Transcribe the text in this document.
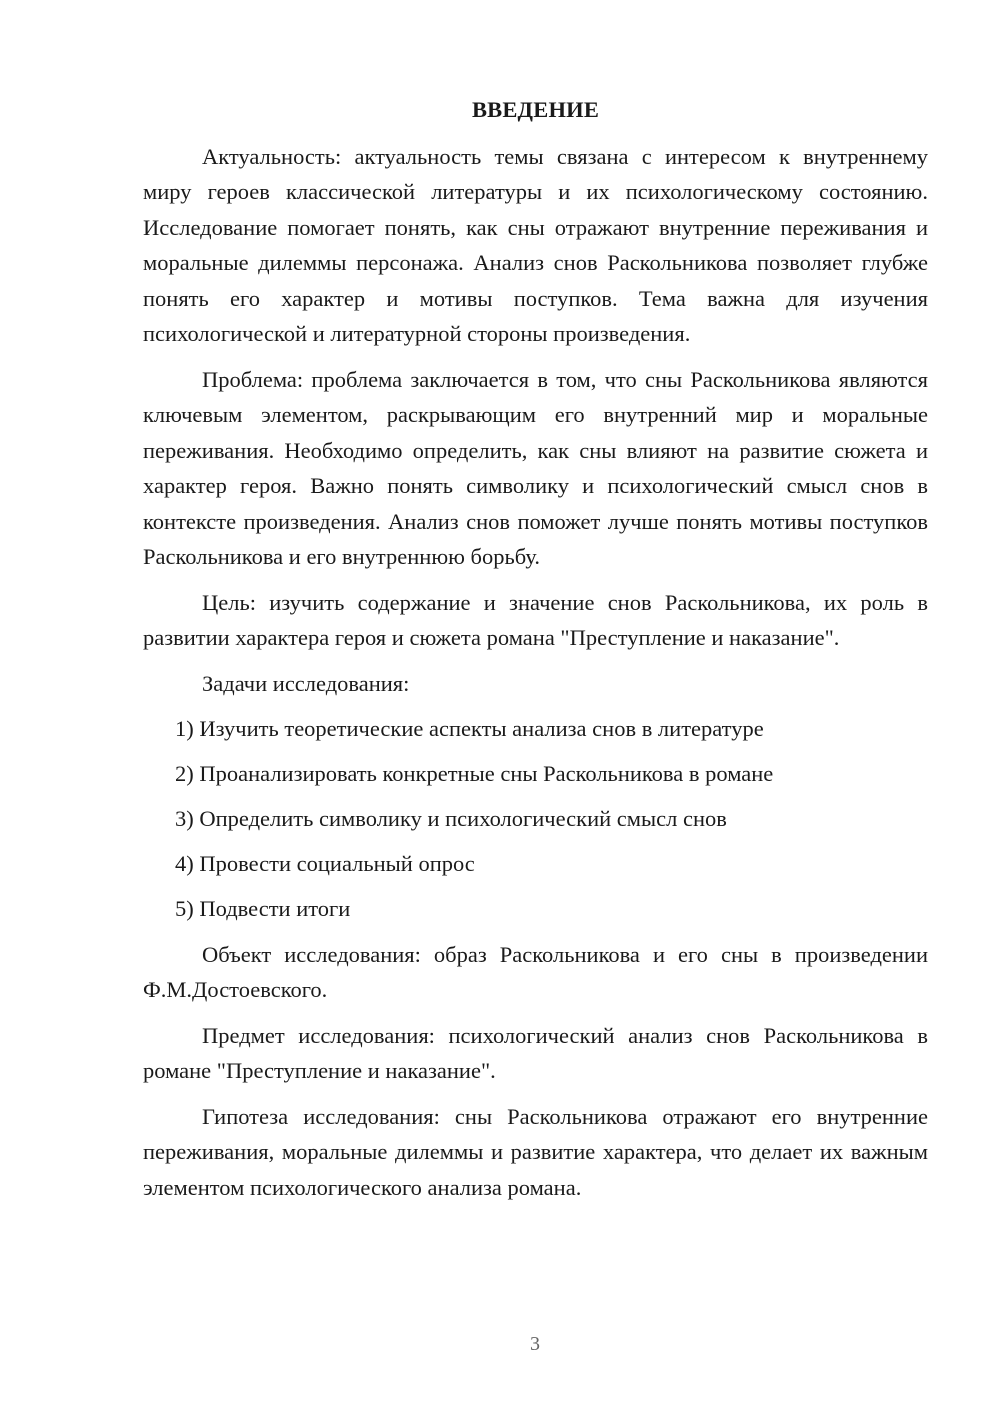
ВВЕДЕНИЕ

Актуальность: актуальность темы связана с интересом к внутреннему миру героев классической литературы и их психологическому состоянию. Исследование помогает понять, как сны отражают внутренние переживания и моральные дилеммы персонажа. Анализ снов Раскольникова позволяет глубже понять его характер и мотивы поступков. Тема важна для изучения психологической и литературной стороны произведения.

Проблема: проблема заключается в том, что сны Раскольникова являются ключевым элементом, раскрывающим его внутренний мир и моральные переживания. Необходимо определить, как сны влияют на развитие сюжета и характер героя. Важно понять символику и психологический смысл снов в контексте произведения. Анализ снов поможет лучше понять мотивы поступков Раскольникова и его внутреннюю борьбу.

Цель: изучить содержание и значение снов Раскольникова, их роль в развитии характера героя и сюжета романа "Преступление и наказание".

Задачи исследования:

1) Изучить теоретические аспекты анализа снов в литературе
2) Проанализировать конкретные сны Раскольникова в романе
3) Определить символику и психологический смысл снов
4) Провести социальный опрос
5) Подвести итоги

Объект исследования: образ Раскольникова и его сны в произведении Ф.М.Достоевского.

Предмет исследования: психологический анализ снов Раскольникова в романе "Преступление и наказание".

Гипотеза исследования: сны Раскольникова отражают его внутренние переживания, моральные дилеммы и развитие характера, что делает их важным элементом психологического анализа романа.

3
